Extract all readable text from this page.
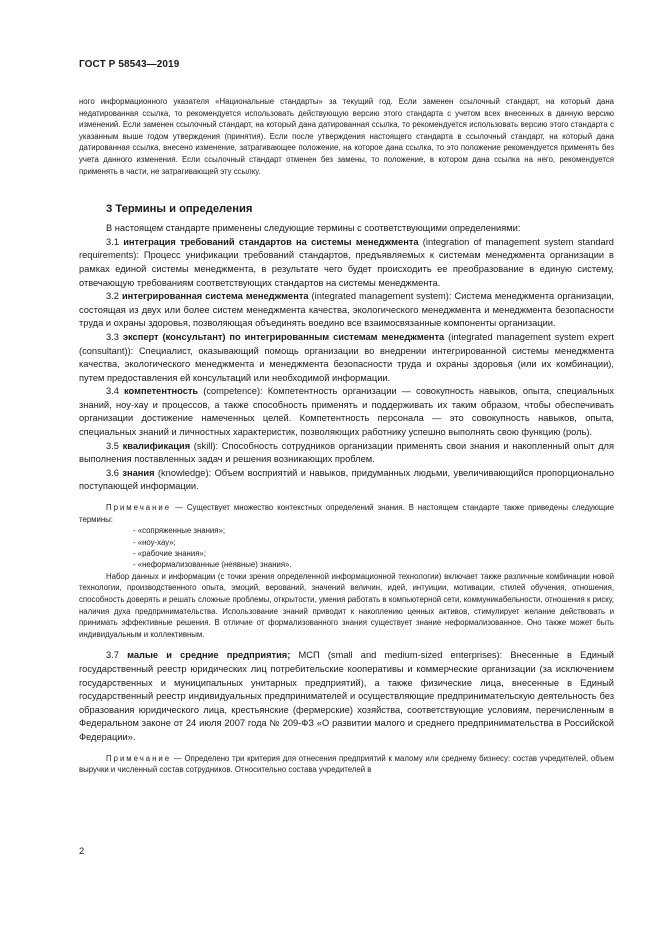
ГОСТ Р 58543—2019

ного информационного указателя «Национальные стандарты» за текущий год. Если заменен ссылочный стандарт, на который дана недатированная ссылка, то рекомендуется использовать действующую версию этого стандарта с учетом всех внесенных в данную версию изменений. Если заменен ссылочный стандарт, на который дана датированная ссылка, то рекомендуется использовать версию этого стандарта с указанным выше годом утверждения (принятия). Если после утверждения настоящего стандарта в ссылочный стандарт, на который дана датированная ссылка, внесено изменение, затрагивающее положение, на которое дана ссылка, то это положение рекомендуется применять без учета данного изменения. Если ссылочный стандарт отменен без замены, то положение, в котором дана ссылка на него, рекомендуется применять в части, не затрагивающей эту ссылку.

3 Термины и определения

В настоящем стандарте применены следующие термины с соответствующими определениями:

3.1 интеграция требований стандартов на системы менеджмента (integration of management system standard requirements): Процесс унификации требований стандартов, предъявляемых к системам менеджмента организации в рамках единой системы менеджмента, в результате чего будет происходить ее преобразование в единую систему, отвечающую требованиям соответствующих стандартов на системы менеджмента.

3.2 интегрированная система менеджмента (integrated management system): Система менеджмента организации, состоящая из двух или более систем менеджмента качества, экологического менеджмента и менеджмента безопасности труда и охраны здоровья, позволяющая объединять воедино все взаимосвязанные компоненты организации.

3.3 эксперт (консультант) по интегрированным системам менеджмента (integrated management system expert (consultant)): Специалист, оказывающий помощь организации во внедрении интегрированной системы менеджмента качества, экологического менеджмента и менеджмента безопасности труда и охраны здоровья (или их комбинации), путем предоставления ей консультаций или необходимой информации.

3.4 компетентность (competence): Компетентность организации — совокупность навыков, опыта, специальных знаний, ноу-хау и процессов, а также способность применять и поддерживать их таким образом, чтобы обеспечивать организации достижение намеченных целей. Компетентность персонала — это совокупность навыков, опыта, специальных знаний и личностных характеристик, позволяющих работнику успешно выполнять свою функцию (роль).

3.5 квалификация (skill): Способность сотрудников организации применять свои знания и накопленный опыт для выполнения поставленных задач и решения возникающих проблем.

3.6 знания (knowledge): Объем восприятий и навыков, придуманных людьми, увеличивающийся пропорционально поступающей информации.

Примечание — Существует множество контекстных определений знания. В настоящем стандарте также приведены следующие термины:

- «сопряженные знания»;
- «ноу-хау»;
- «рабочие знания»;
- «неформализованные (неявные) знания».

Набор данных и информации (с точки зрения определенной информационной технологии) включает также различные комбинации новой технологии, производственного опыта, эмоций, верований, значений величин, идей, интуиции, мотивации, стилей обучения, отношения, способность доверять и решать сложные проблемы, открытости, умения работать в компьютерной сети, коммуникабельности, отношения к риску, наличия духа предпринимательства. Использование знаний приводит к накоплению ценных активов, стимулирует желание действовать и принимать эффективные решения. В отличие от формализованного знания существует знание неформализованное. Оно также может быть индивидуальным и коллективным.

3.7 малые и средние предприятия; МСП (small and medium-sized enterprises): Внесенные в Единый государственный реестр юридических лиц потребительские кооперативы и коммерческие организации (за исключением государственных и муниципальных унитарных предприятий), а также физические лица, внесенные в Единый государственный реестр индивидуальных предпринимателей и осуществляющие предпринимательскую деятельность без образования юридического лица, крестьянские (фермерские) хозяйства, соответствующие условиям, перечисленным в Федеральном законе от 24 июля 2007 года № 209-ФЗ «О развитии малого и среднего предпринимательства в Российской Федерации».

Примечание — Определено три критерия для отнесения предприятий к малому или среднему бизнесу: состав учредителей, объем выручки и численный состав сотрудников. Относительно состава учредителей в

2
